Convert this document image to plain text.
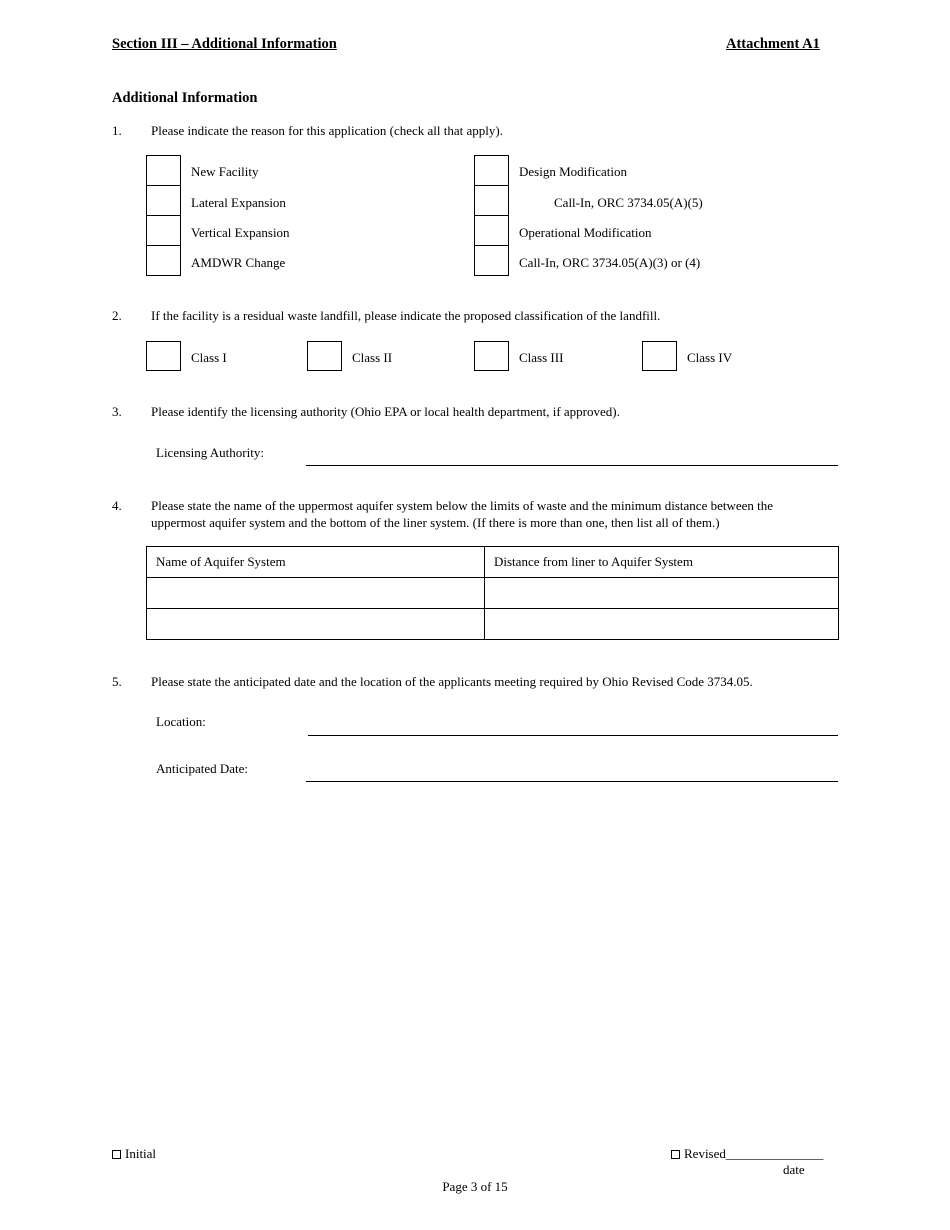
Section III – Additional Information	Attachment A1
Additional Information
1.	Please indicate the reason for this application (check all that apply).
New Facility
Lateral Expansion
Vertical Expansion
AMDWR Change
Design Modification
Call-In, ORC 3734.05(A)(5)
Operational Modification
Call-In, ORC 3734.05(A)(3) or (4)
2.	If the facility is a residual waste landfill, please indicate the proposed classification of the landfill.
Class I	Class II	Class III	Class IV
3.	Please identify the licensing authority (Ohio EPA or local health department, if approved).
Licensing Authority:
4.	Please state the name of the uppermost aquifer system below the limits of waste and the minimum distance between the
uppermost aquifer system and the bottom of the liner system. (If there is more than one, then list all of them.)
Name of Aquifer System	Distance from liner to Aquifer System

5.	Please state the anticipated date and the location of the applicants meeting required by Ohio Revised Code 3734.05.
Location:
Anticipated Date:
Initial	Revised_______________
date
Page 3 of 15
